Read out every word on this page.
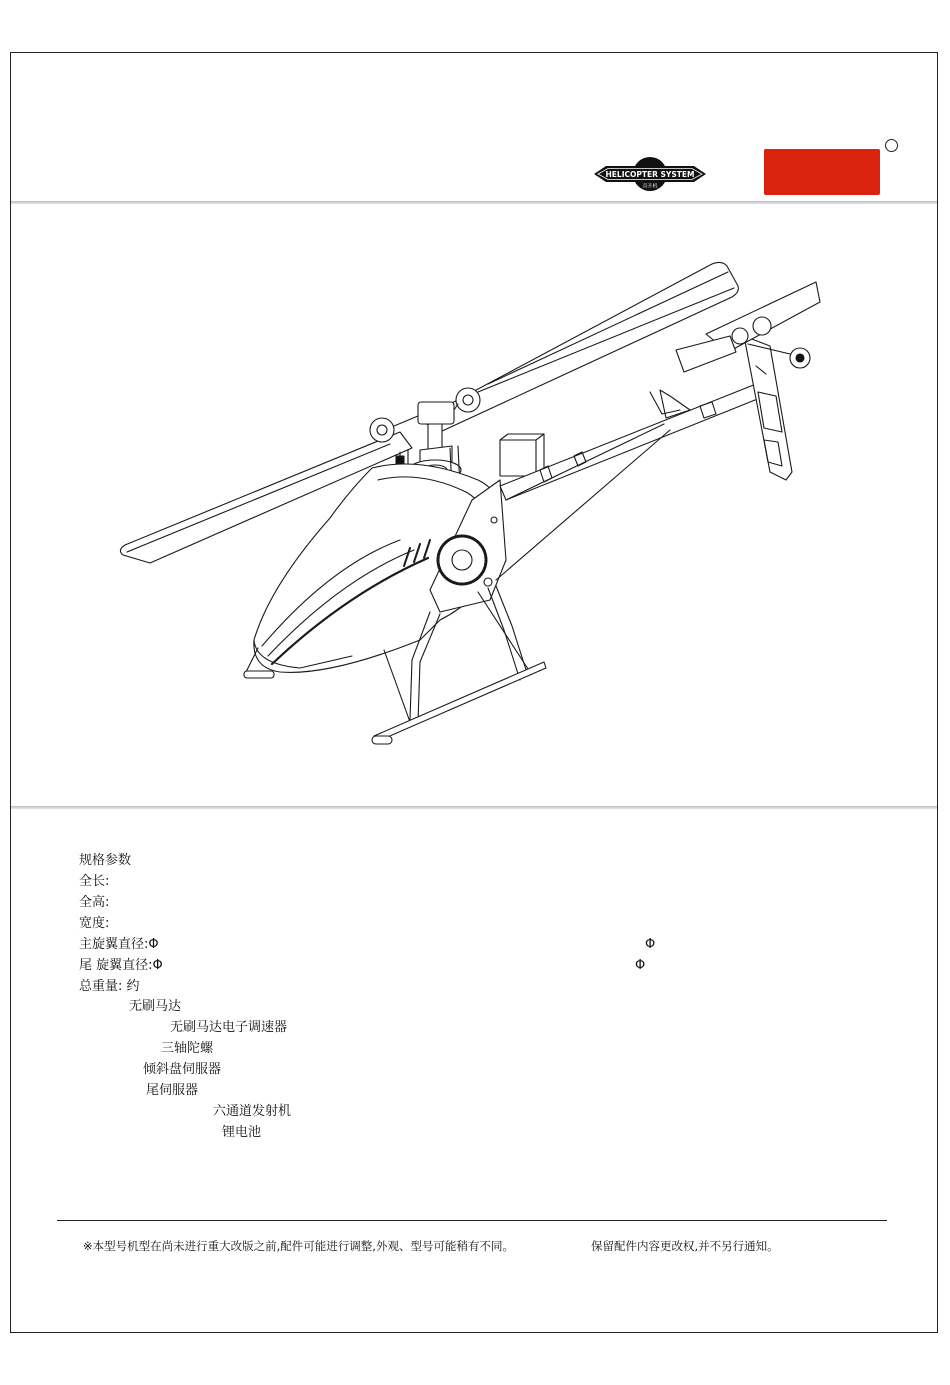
HELICOPTER SYSTEM
直升机
规格参数
全长:
全高:
宽度:
主旋翼直径:Φ	Φ
尾 旋翼直径:Φ	Φ
总重量: 约
无刷马达
无刷马达电子调速器
三轴陀螺
倾斜盘伺服器
尾伺服器
六通道发射机
锂电池
※本型号机型在尚未进行重大改版之前,配件可能进行调整,外观、型号可能稍有不同。	保留配件内容更改权,并不另行通知。
